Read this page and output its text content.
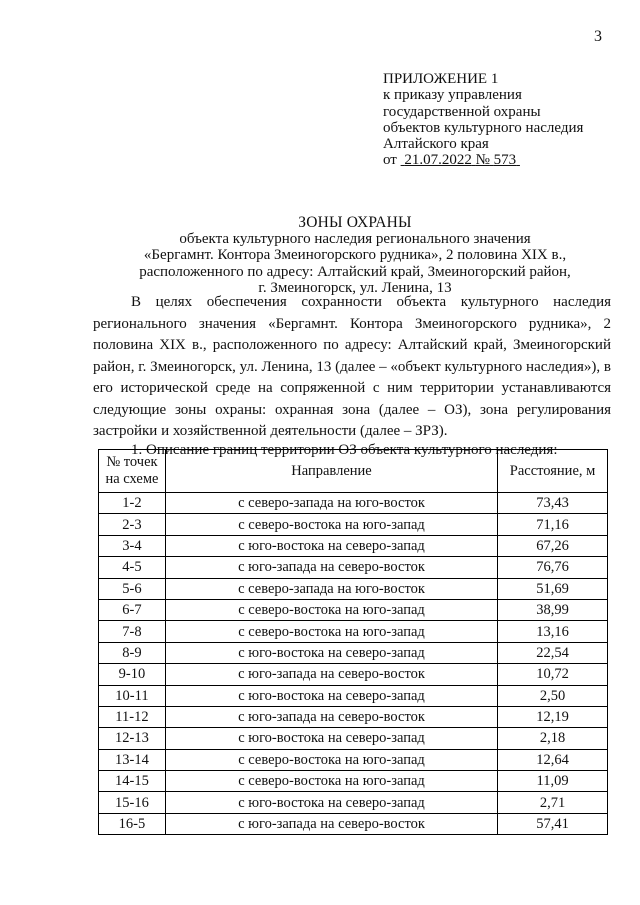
3
ПРИЛОЖЕНИЕ 1
к приказу управления
государственной охраны
объектов культурного наследия
Алтайского края
от 21.07.2022 № 573
ЗОНЫ ОХРАНЫ
объекта культурного наследия регионального значения
«Бергамнт. Контора Змеиногорского рудника», 2 половина XIX в.,
расположенного по адресу: Алтайский край, Змеиногорский район,
г. Змеиногорск, ул. Ленина, 13
В целях обеспечения сохранности объекта культурного наследия регионального значения «Бергамнт. Контора Змеиногорского рудника», 2 половина XIX в., расположенного по адресу: Алтайский край, Змеиногорский район, г. Змеиногорск, ул. Ленина, 13 (далее – «объект культурного наследия»), в его исторической среде на сопряженной с ним территории устанавливаются следующие зоны охраны: охранная зона (далее – ОЗ), зона регулирования застройки и хозяйственной деятельности (далее – ЗРЗ).
1. Описание границ территории ОЗ объекта культурного наследия:
№ точек на схеме	Направление	Расстояние, м
1-2	с северо-запада на юго-восток	73,43
2-3	с северо-востока на юго-запад	71,16
3-4	с юго-востока на северо-запад	67,26
4-5	с юго-запада на северо-восток	76,76
5-6	с северо-запада на юго-восток	51,69
6-7	с северо-востока на юго-запад	38,99
7-8	с северо-востока на юго-запад	13,16
8-9	с юго-востока на северо-запад	22,54
9-10	с юго-запада на северо-восток	10,72
10-11	с юго-востока на северо-запад	2,50
11-12	с юго-запада на северо-восток	12,19
12-13	с юго-востока на северо-запад	2,18
13-14	с северо-востока на юго-запад	12,64
14-15	с северо-востока на юго-запад	11,09
15-16	с юго-востока на северо-запад	2,71
16-5	с юго-запада на северо-восток	57,41
